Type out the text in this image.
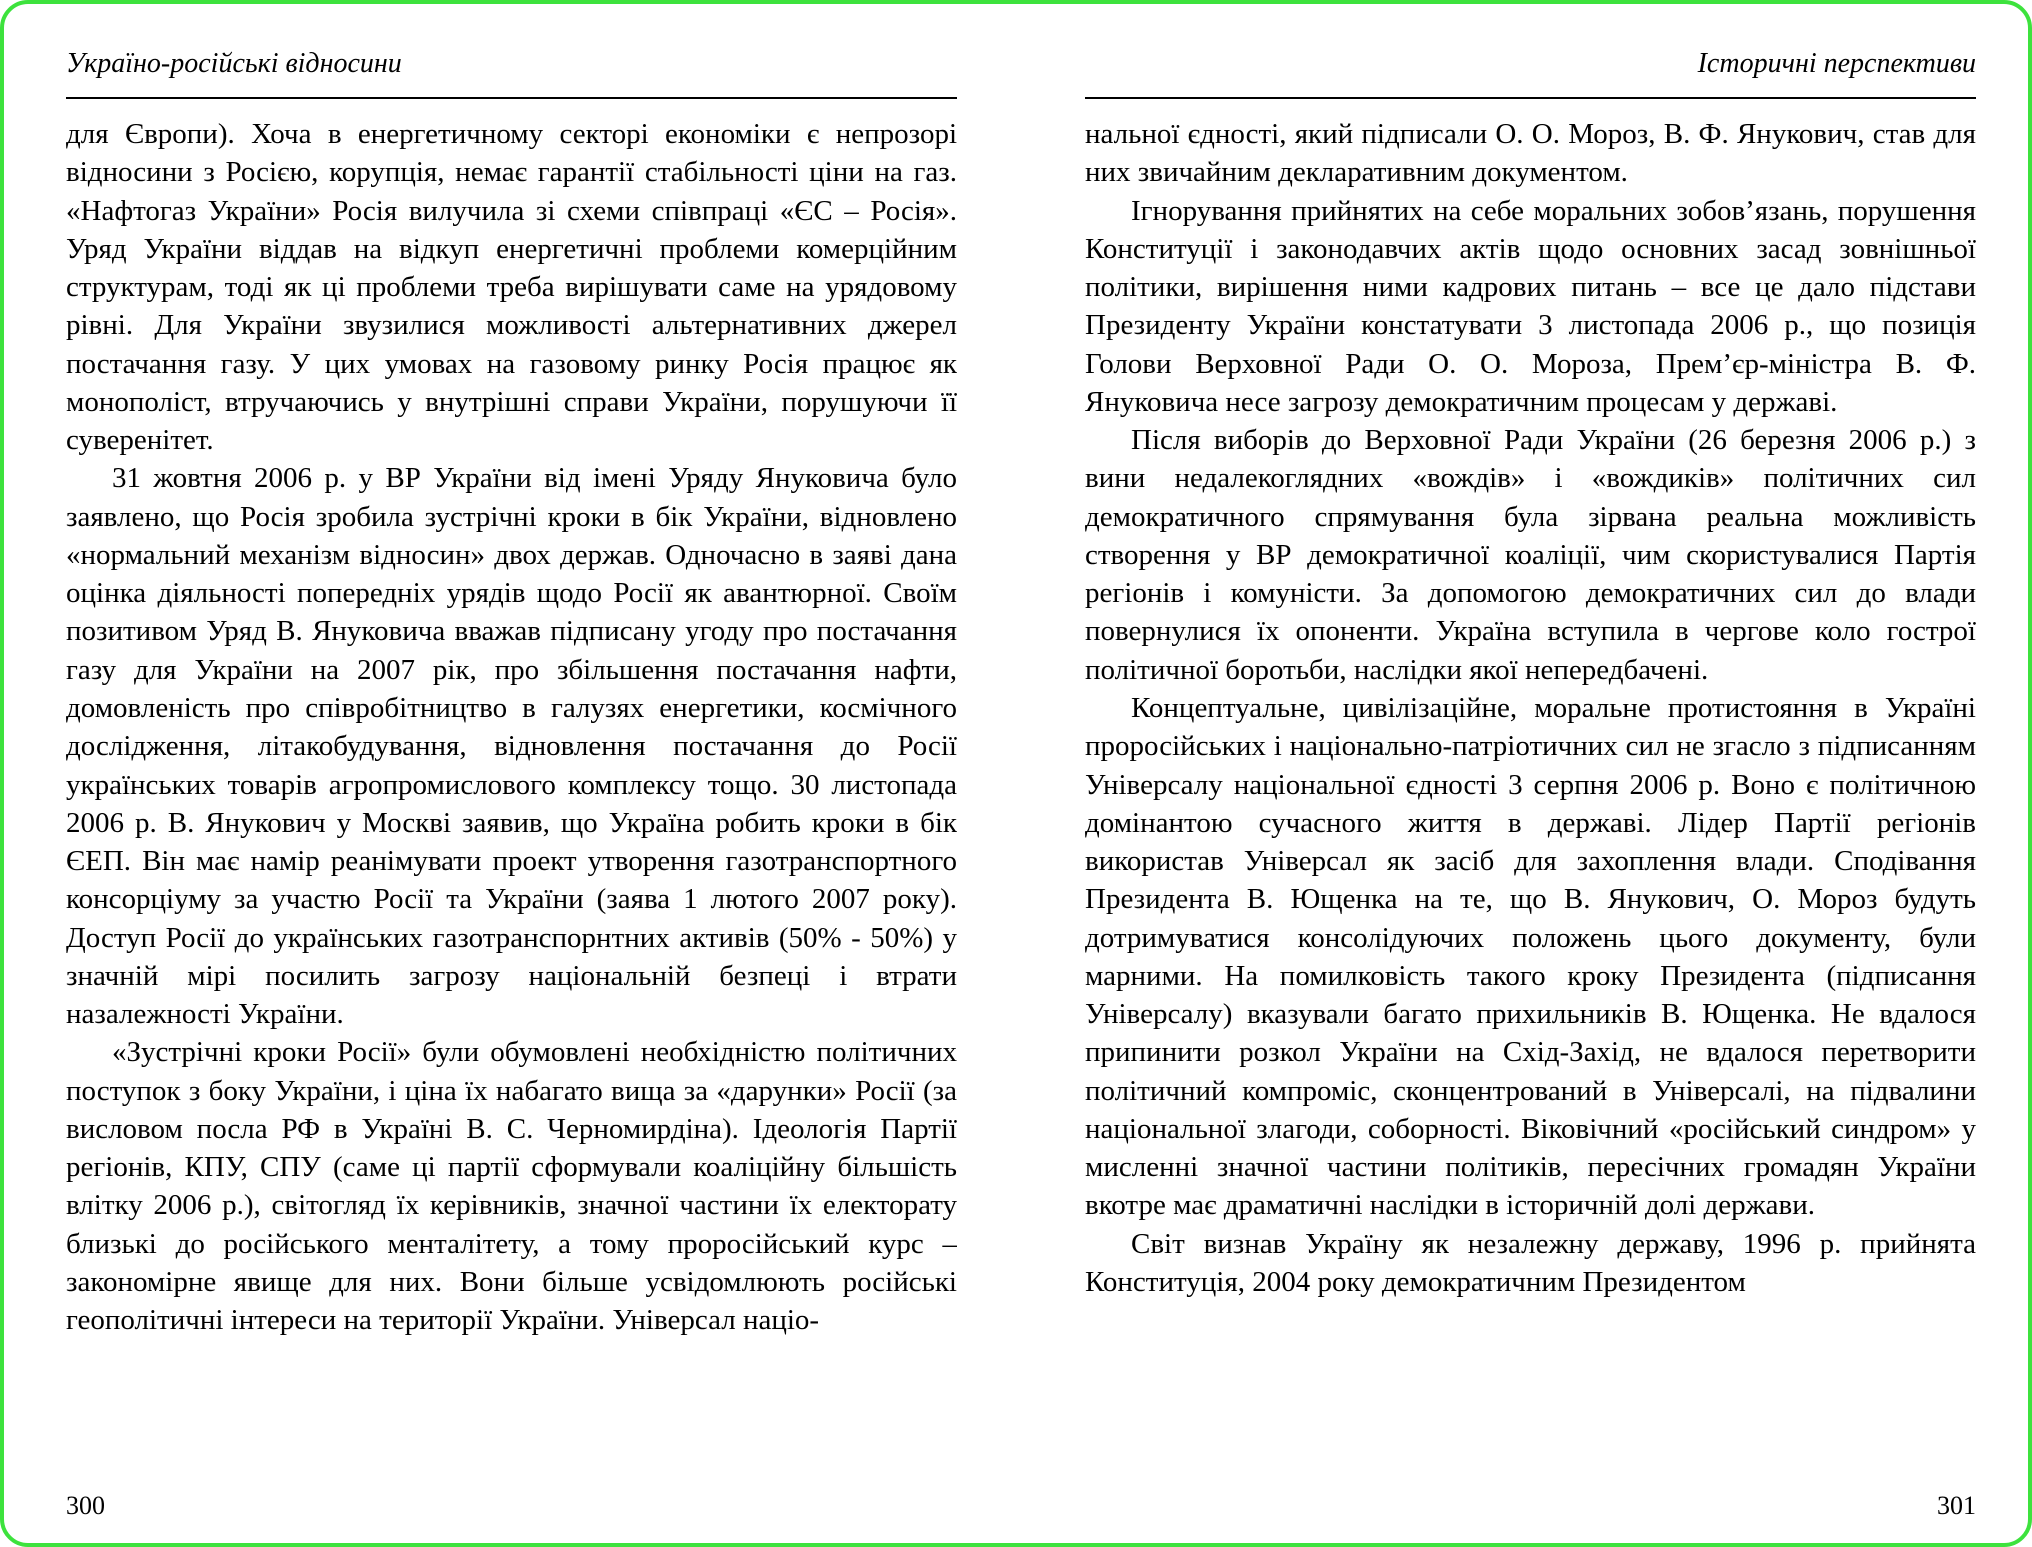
Україно-російські відносини

для Європи). Хоча в енергетичному секторі економіки є непрозорі відносини з Росією, корупція, немає гарантії стабільності ціни на газ. «Нафтогаз України» Росія вилучила зі схеми співпраці «ЄС – Росія». Уряд України віддав на відкуп енергетичні проблеми комерційним структурам, тоді як ці проблеми треба вирішувати саме на урядовому рівні. Для України звузилися можливості альтернативних джерел постачання газу. У цих умовах на газовому ринку Росія працює як монополіст, втручаючись у внутрішні справи України, порушуючи її суверенітет.

31 жовтня 2006 р. у ВР України від імені Уряду Януковича було заявлено, що Росія зробила зустрічні кроки в бік України, відновлено «нормальний механізм відносин» двох держав. Одночасно в заяві дана оцінка діяльності попередніх урядів щодо Росії як авантюрної. Своїм позитивом Уряд В. Януковича вважав підписану угоду про постачання газу для України на 2007 рік, про збільшення постачання нафти, домовленість про співробітництво в галузях енергетики, космічного дослідження, літакобудування, відновлення постачання до Росії українських товарів агропромислового комплексу тощо. 30 листопада 2006 р. В. Янукович у Москві заявив, що Україна робить кроки в бік ЄЕП. Він має намір реанімувати проект утворення газотранспортного консорціуму за участю Росії та України (заява 1 лютого 2007 року). Доступ Росії до українських газотранспорнтних активів (50% - 50%) у значній мірі посилить загрозу національній безпеці і втрати назалежності України.

«Зустрічні кроки Росії» були обумовлені необхідністю політичних поступок з боку України, і ціна їх набагато вища за «дарунки» Росії (за висловом посла РФ в Україні В. С. Черномирдіна). Ідеологія Партії регіонів, КПУ, СПУ (саме ці партії сформували коаліційну більшість влітку 2006 р.), світогляд їх керівників, значної частини їх електорату близькі до російського менталітету, а тому проросійський курс – закономірне явище для них. Вони більше усвідомлюють російські геополітичні інтереси на території України. Універсал націо-

300
Історичні перспективи

нальної єдності, який підписали О. О. Мороз, В. Ф. Янукович, став для них звичайним декларативним документом.

Ігнорування прийнятих на себе моральних зобов’язань, порушення Конституції і законодавчих актів щодо основних засад зовнішньої політики, вирішення ними кадрових питань – все це дало підстави Президенту України констатувати 3 листопада 2006 р., що позиція Голови Верховної Ради О. О. Мороза, Прем’єр-міністра В. Ф. Януковича несе загрозу демократичним процесам у державі.

Після виборів до Верховної Ради України (26 березня 2006 р.) з вини недалекоглядних «вождів» і «вождиків» політичних сил демократичного спрямування була зірвана реальна можливість створення у ВР демократичної коаліції, чим скористувалися Партія регіонів і комуністи. За допомогою демократичних сил до влади повернулися їх опоненти. Україна вступила в чергове коло гострої політичної боротьби, наслідки якої непередбачені.

Концептуальне, цивілізаційне, моральне протистояння в Україні проросійських і національно-патріотичних сил не згасло з підписанням Універсалу національної єдності 3 серпня 2006 р. Воно є політичною домінантою сучасного життя в державі. Лідер Партії регіонів використав Універсал як засіб для захоплення влади. Сподівання Президента В. Ющенка на те, що В. Янукович, О. Мороз будуть дотримуватися консолідуючих положень цього документу, були марними. На помилковість такого кроку Президента (підписання Універсалу) вказували багато прихильників В. Ющенка. Не вдалося припинити розкол України на Схід-Захід, не вдалося перетворити політичний компроміс, сконцентрований в Універсалі, на підвалини національної злагоди, соборності. Віковічний «російський синдром» у мисленні значної частини політиків, пересічних громадян України вкотре має драматичні наслідки в історичній долі держави.

Світ визнав Україну як незалежну державу, 1996 р. прийнята Конституція, 2004 року демократичним Президентом

301
